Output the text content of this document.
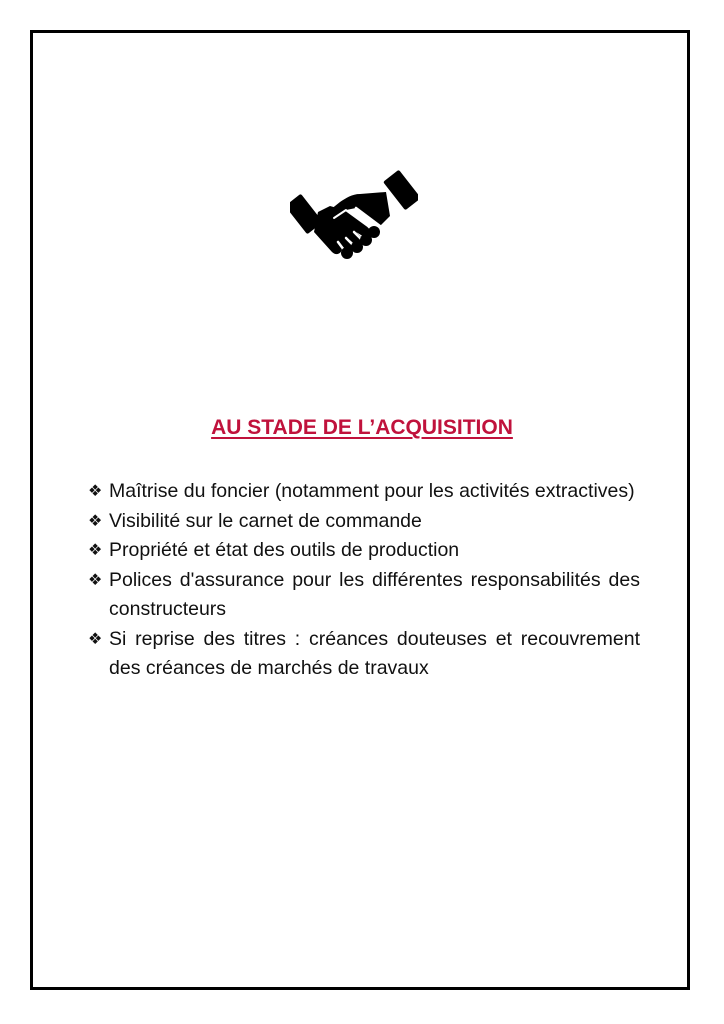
AU STADE DE L’ACQUISITION
❖ Maîtrise du foncier (notamment pour les activités extractives)
❖ Visibilité sur le carnet de commande
❖ Propriété et état des outils de production
❖ Polices d'assurance pour les différentes responsabilités des constructeurs
❖ Si reprise des titres : créances douteuses et recouvrement des créances de marchés de travaux
